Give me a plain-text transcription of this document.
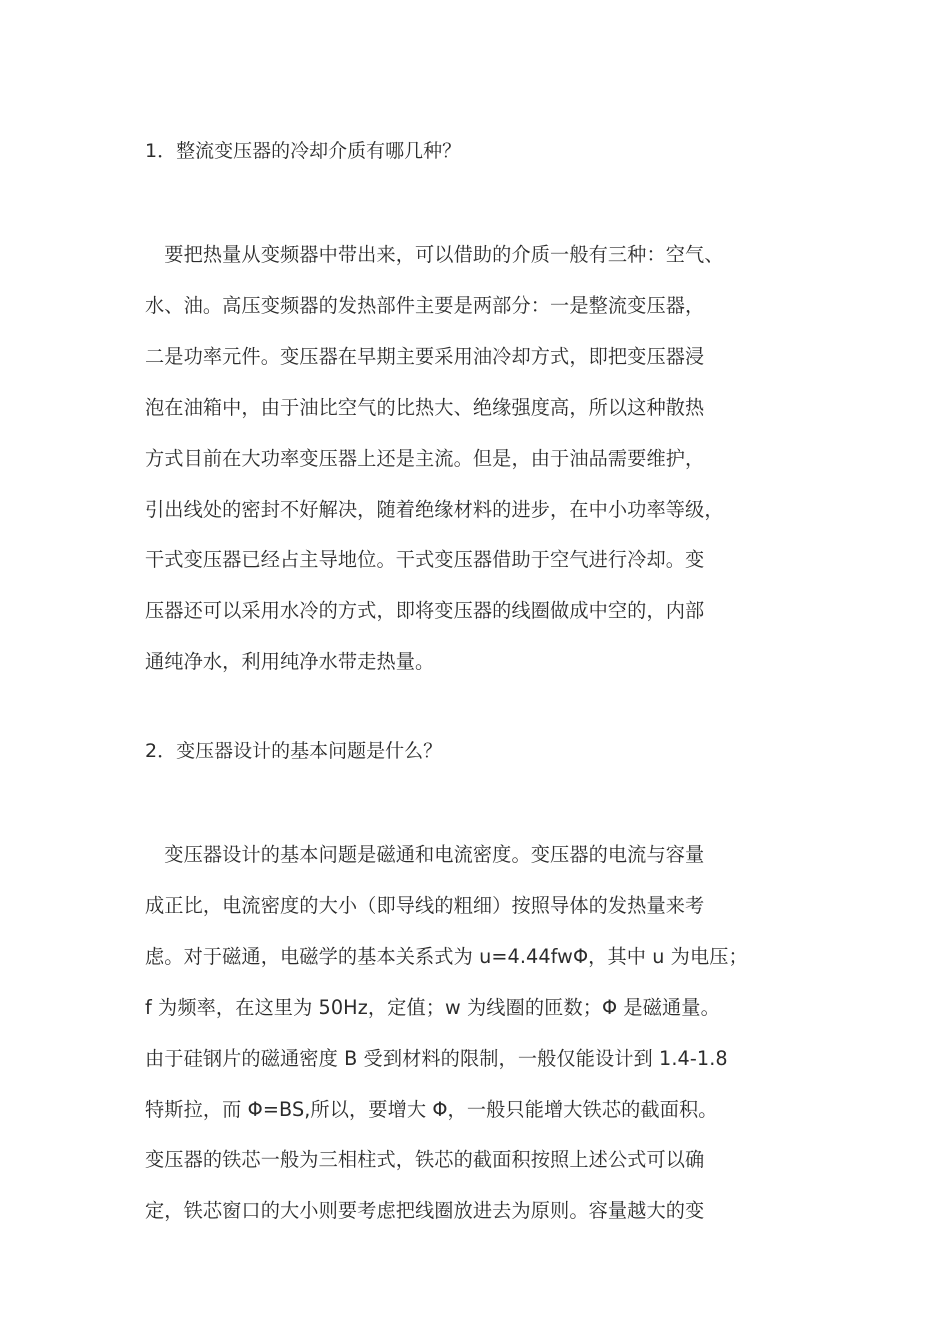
1．整流变压器的冷却介质有哪几种？

　要把热量从变频器中带出来，可以借助的介质一般有三种：空气、
水、油。高压变频器的发热部件主要是两部分：一是整流变压器，
二是功率元件。变压器在早期主要采用油冷却方式，即把变压器浸
泡在油箱中，由于油比空气的比热大、绝缘强度高，所以这种散热
方式目前在大功率变压器上还是主流。但是，由于油品需要维护，
引出线处的密封不好解决，随着绝缘材料的进步，在中小功率等级，
干式变压器已经占主导地位。干式变压器借助于空气进行冷却。变
压器还可以采用水冷的方式，即将变压器的线圈做成中空的，内部
通纯净水，利用纯净水带走热量。

2．变压器设计的基本问题是什么？

　变压器设计的基本问题是磁通和电流密度。变压器的电流与容量
成正比，电流密度的大小（即导线的粗细）按照导体的发热量来考
虑。对于磁通，电磁学的基本关系式为 u=4.44fwΦ，其中 u 为电压；
f 为频率，在这里为 50Hz，定值；w 为线圈的匝数；Φ 是磁通量。
由于硅钢片的磁通密度 B 受到材料的限制，一般仅能设计到 1.4-1.8
特斯拉，而 Φ=BS,所以，要增大 Φ，一般只能增大铁芯的截面积。
变压器的铁芯一般为三相柱式，铁芯的截面积按照上述公式可以确
定，铁芯窗口的大小则要考虑把线圈放进去为原则。容量越大的变
